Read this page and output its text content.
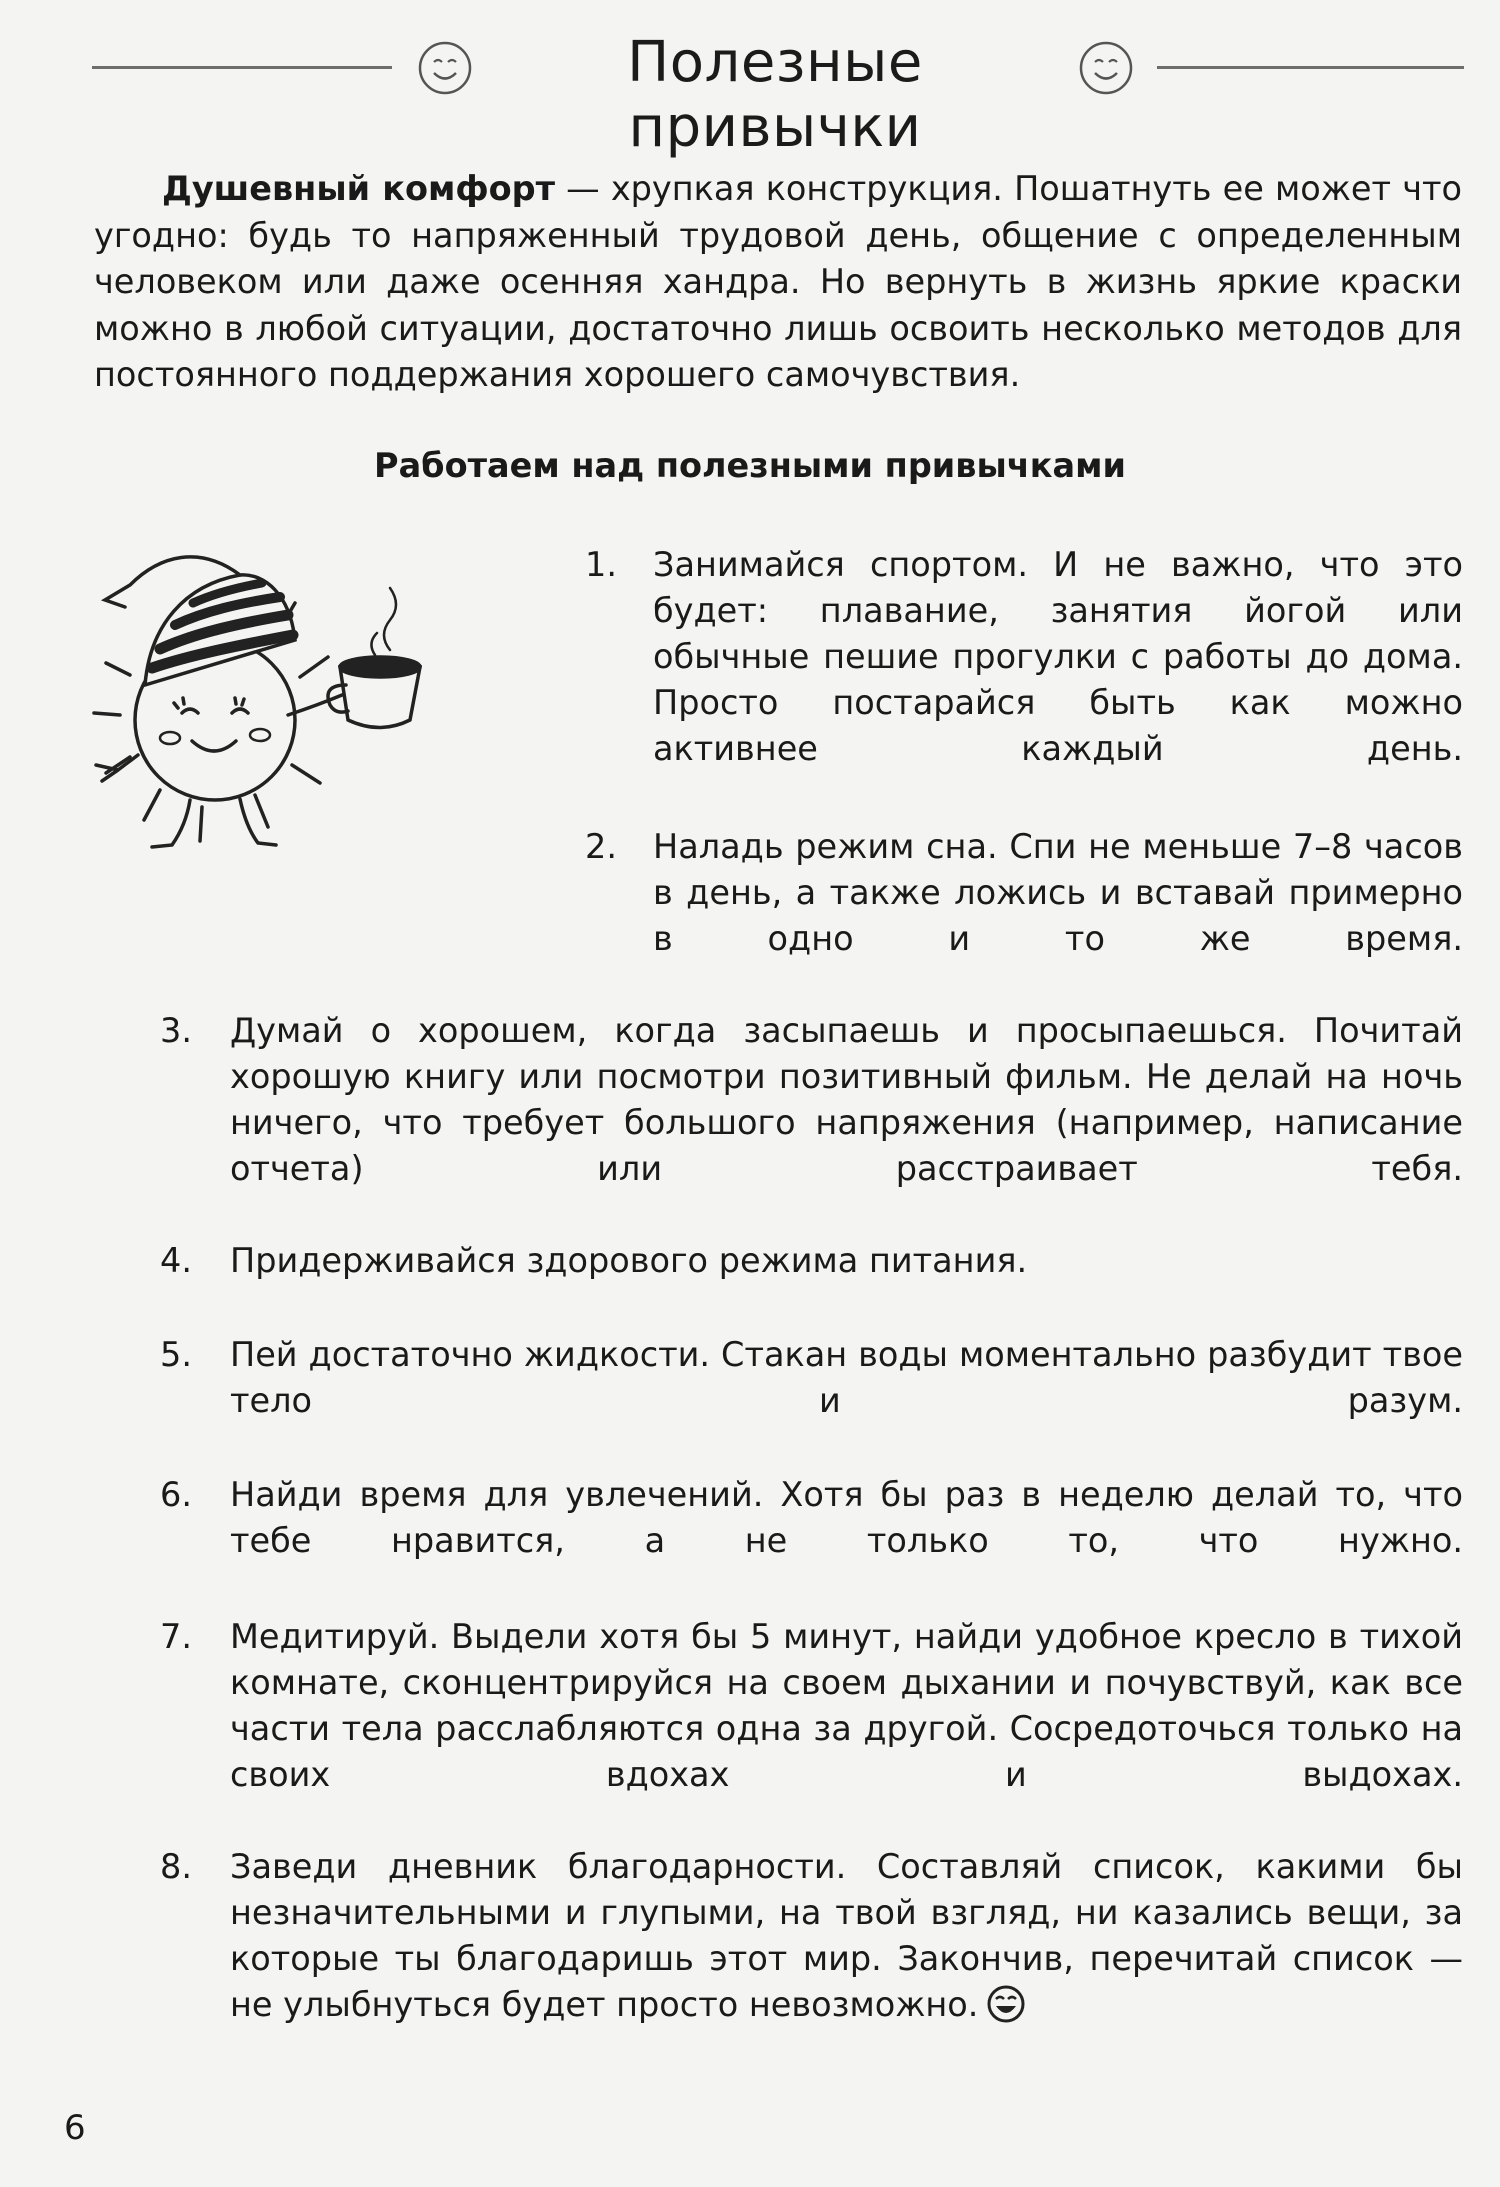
Полезные привычки

Душевный комфорт — хрупкая конструкция. Пошатнуть ее может что угодно: будь то напряженный трудовой день, общение с определенным человеком или даже осенняя хандра. Но вернуть в жизнь яркие краски можно в любой ситуации, достаточно лишь освоить несколько методов для постоянного поддержания хорошего самочувствия.

Работаем над полезными привычками
1. Занимайся спортом. И не важно, что это будет: плавание, занятия йогой или обычные пешие прогулки с работы до дома. Просто постарайся быть как можно активнее каждый день.

2. Наладь режим сна. Спи не меньше 7–8 часов в день, а также ложись и вставай примерно в одно и то же время.

3. Думай о хорошем, когда засыпаешь и просыпаешься. Почитай хорошую книгу или посмотри позитивный фильм. Не делай на ночь ничего, что требует большого напряжения (например, написание отчета) или расстраивает тебя.

4. Придерживайся здорового режима питания.

5. Пей достаточно жидкости. Стакан воды моментально разбудит твое тело и разум.

6. Найди время для увлечений. Хотя бы раз в неделю делай то, что тебе нравится, а не только то, что нужно.

7. Медитируй. Выдели хотя бы 5 минут, найди удобное кресло в тихой комнате, сконцентрируйся на своем дыхании и почувствуй, как все части тела расслабляются одна за другой. Сосредоточься только на своих вдохах и выдохах.

8. Заведи дневник благодарности. Составляй список, какими бы незначительными и глупыми, на твой взгляд, ни казались вещи, за которые ты благодаришь этот мир. Закончив, перечитай список — не улыбнуться будет просто невозможно.

6
